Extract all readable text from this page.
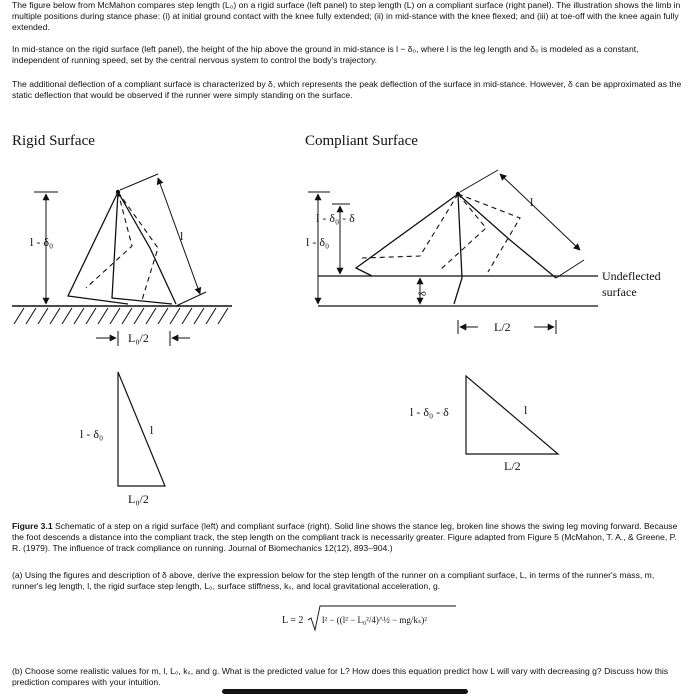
The figure below from McMahon compares step length (L₀) on a rigid surface (left panel) to step length (L) on a compliant surface (right panel). The illustration shows the limb in multiple positions during stance phase: (i) at initial ground contact with the knee fully extended; (ii) in mid-stance with the knee flexed; and (iii) at toe-off with the knee again fully extended.
In mid-stance on the rigid surface (left panel), the height of the hip above the ground in mid-stance is l − δ₀, where l is the leg length and δ₀ is modeled as a constant, independent of running speed, set by the central nervous system to control the body's trajectory.
The additional deflection of a compliant surface is characterized by δ, which represents the peak deflection of the surface in mid-stance. However, δ can be approximated as the static deflection that would be observed if the runner were simply standing on the surface.
Rigid Surface	Compliant Surface
l - δ₀	l
L₀/2
l - δ₀	l
L₀/2
Undeflected
surface
l - δ₀
l - δ₀ - δ
δ
l
L/2
l - δ₀ - δ	l
L/2
Figure 3.1 Schematic of a step on a rigid surface (left) and compliant surface (right). Solid line shows the stance leg, broken line shows the swing leg moving forward. Because the foot descends a distance into the compliant track, the step length on the compliant track is necessarily greater. Figure adapted from Figure 5 (McMahon, T. A., & Greene, P. R. (1979). The influence of track compliance on running. Journal of Biomechanics 12(12), 893–904.)
(a) Using the figures and description of δ above, derive the expression below for the step length of the runner on a compliant surface, L, in terms of the runner's mass, m, runner's leg length, l, the rigid surface step length, L₀, surface stiffness, kₛ, and local gravitational acceleration, g.
L = 2 l² − ((l² − L₀²/4)^½ − mg/kₛ)²
(b) Choose some realistic values for m, l, L₀, kₛ, and g. What is the predicted value for L? How does this equation predict how L will vary with decreasing g? Discuss how this prediction compares with your intuition.
